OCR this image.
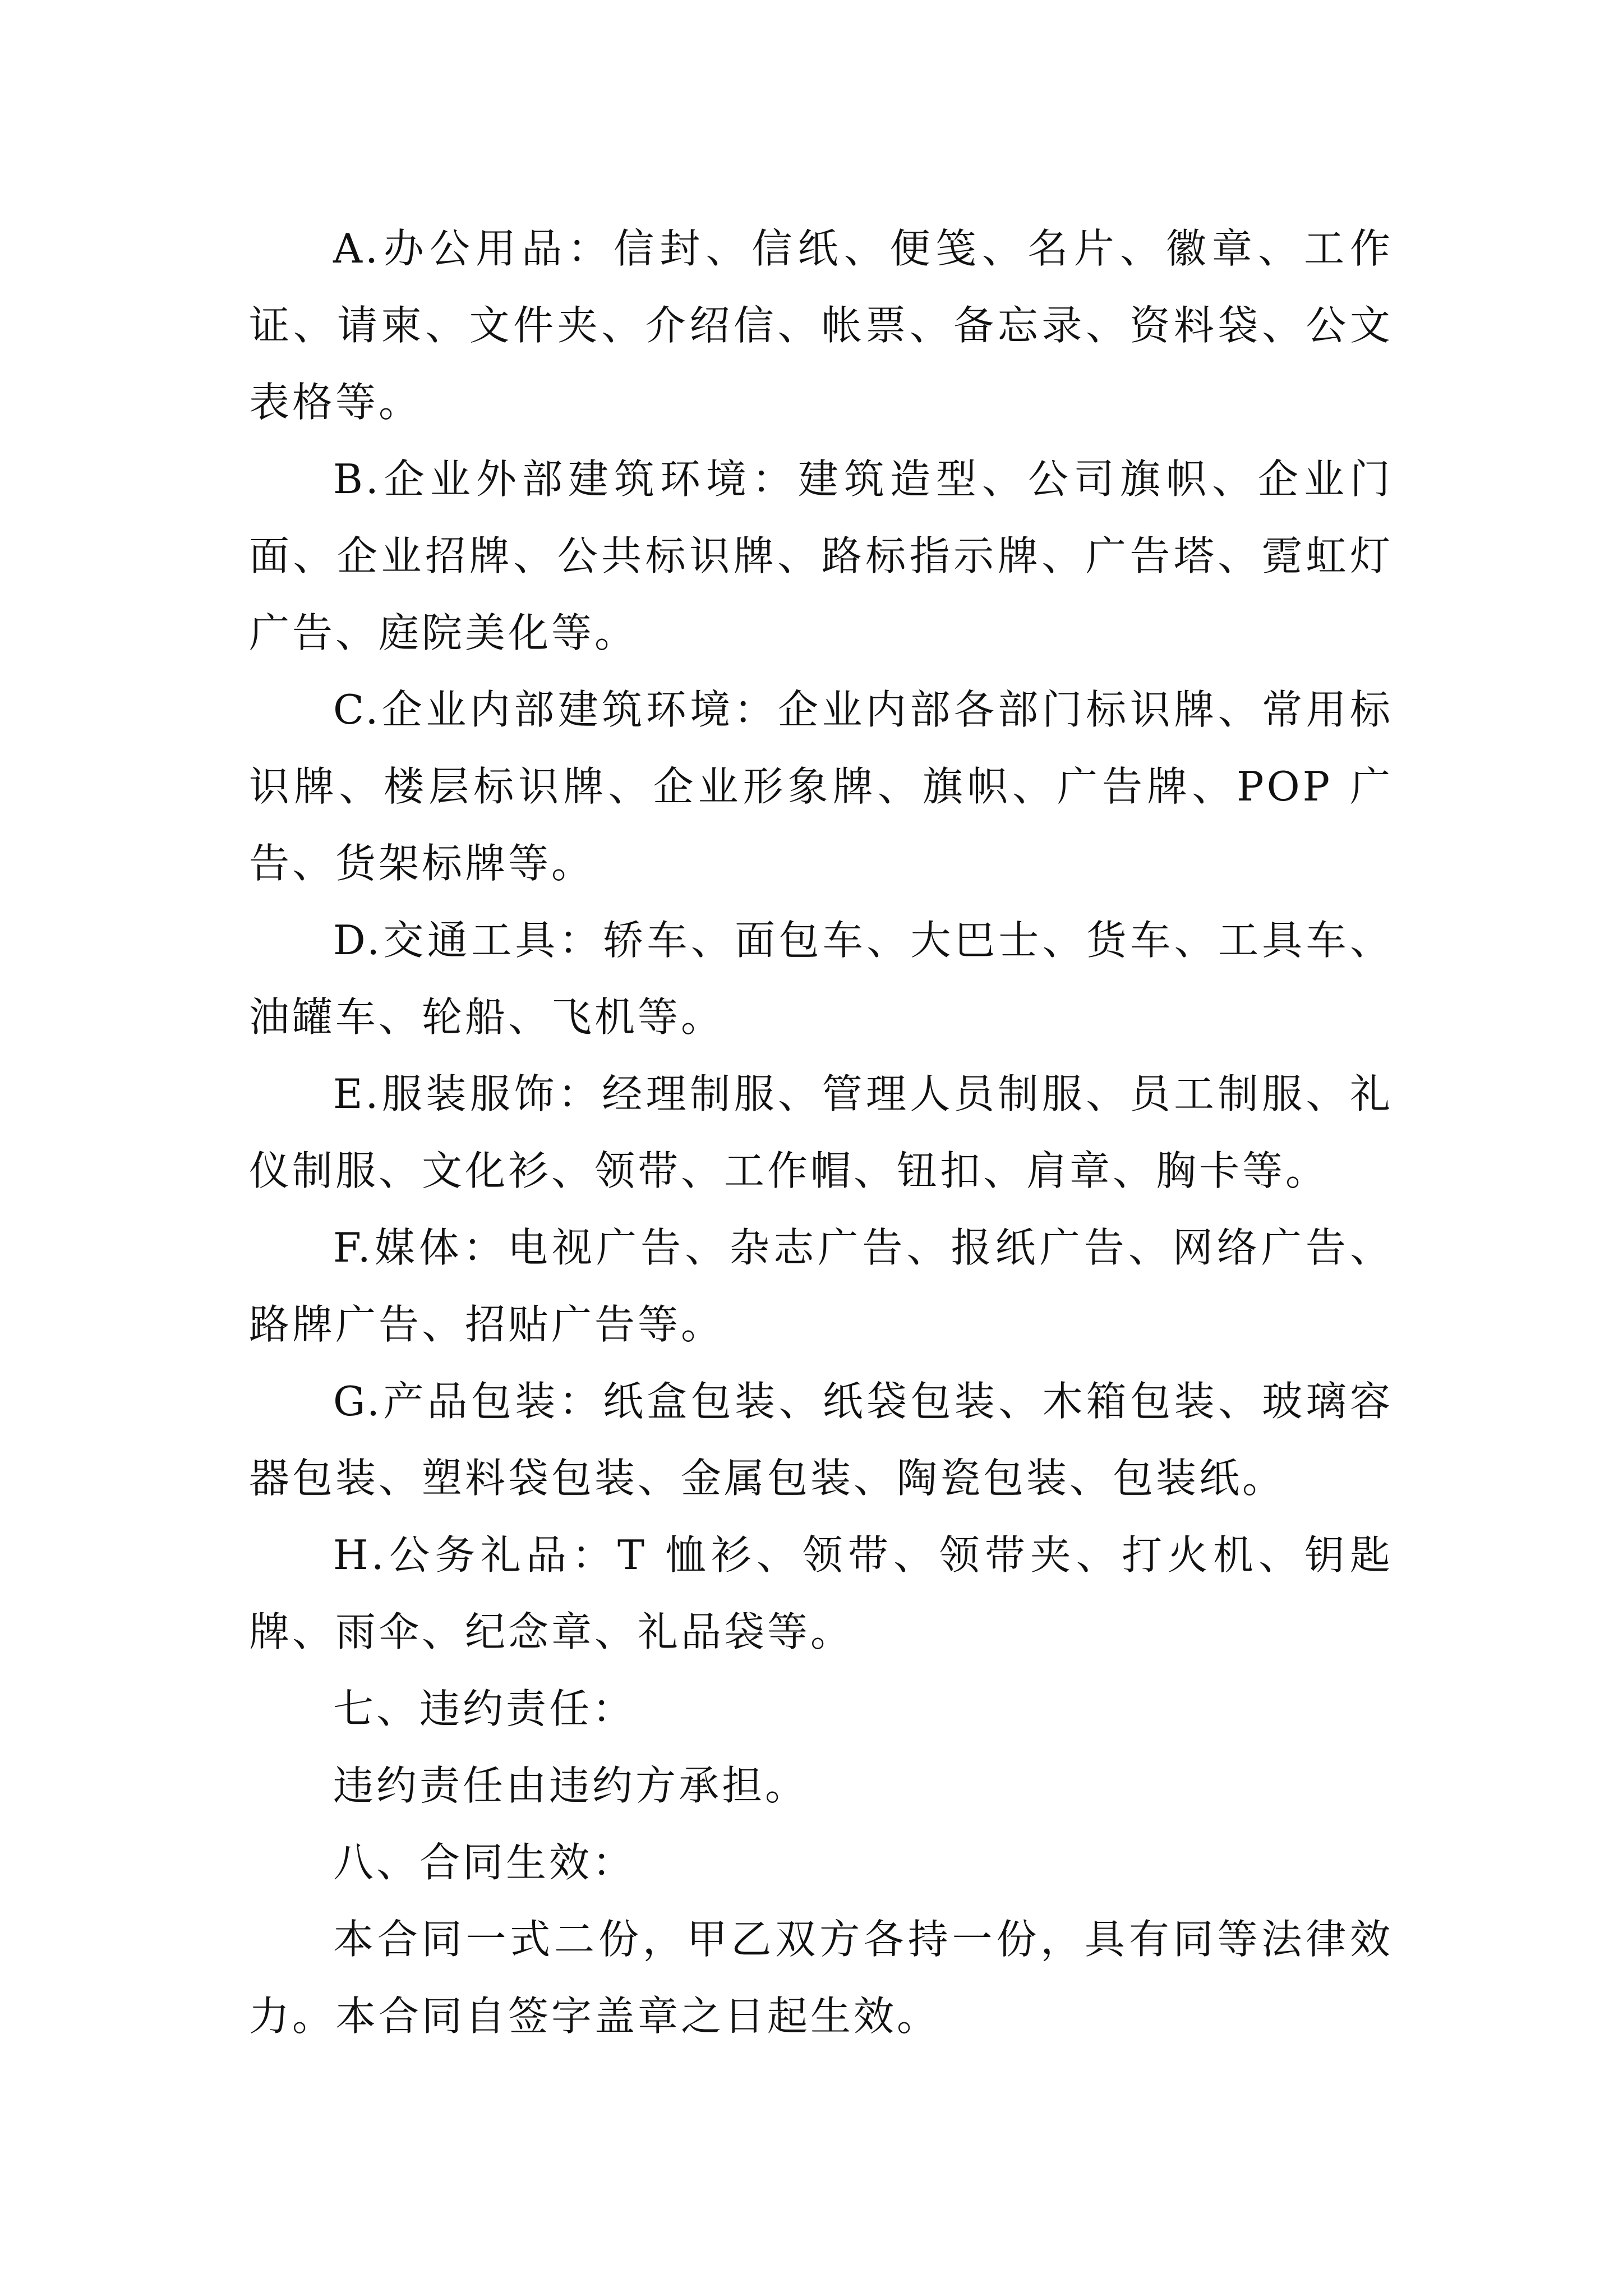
A.办公用品：信封、信纸、便笺、名片、徽章、工作证、请柬、文件夹、介绍信、帐票、备忘录、资料袋、公文表格等。

B.企业外部建筑环境：建筑造型、公司旗帜、企业门面、企业招牌、公共标识牌、路标指示牌、广告塔、霓虹灯广告、庭院美化等。

C.企业内部建筑环境：企业内部各部门标识牌、常用标识牌、楼层标识牌、企业形象牌、旗帜、广告牌、POP 广告、货架标牌等。

D.交通工具：轿车、面包车、大巴士、货车、工具车、油罐车、轮船、飞机等。

E.服装服饰：经理制服、管理人员制服、员工制服、礼仪制服、文化衫、领带、工作帽、钮扣、肩章、胸卡等。

F.媒体：电视广告、杂志广告、报纸广告、网络广告、路牌广告、招贴广告等。

G.产品包装：纸盒包装、纸袋包装、木箱包装、玻璃容器包装、塑料袋包装、金属包装、陶瓷包装、包装纸。

H.公务礼品：T 恤衫、领带、领带夹、打火机、钥匙牌、雨伞、纪念章、礼品袋等。

七、违约责任：

违约责任由违约方承担。

八、合同生效：

本合同一式二份，甲乙双方各持一份，具有同等法律效力。本合同自签字盖章之日起生效。
